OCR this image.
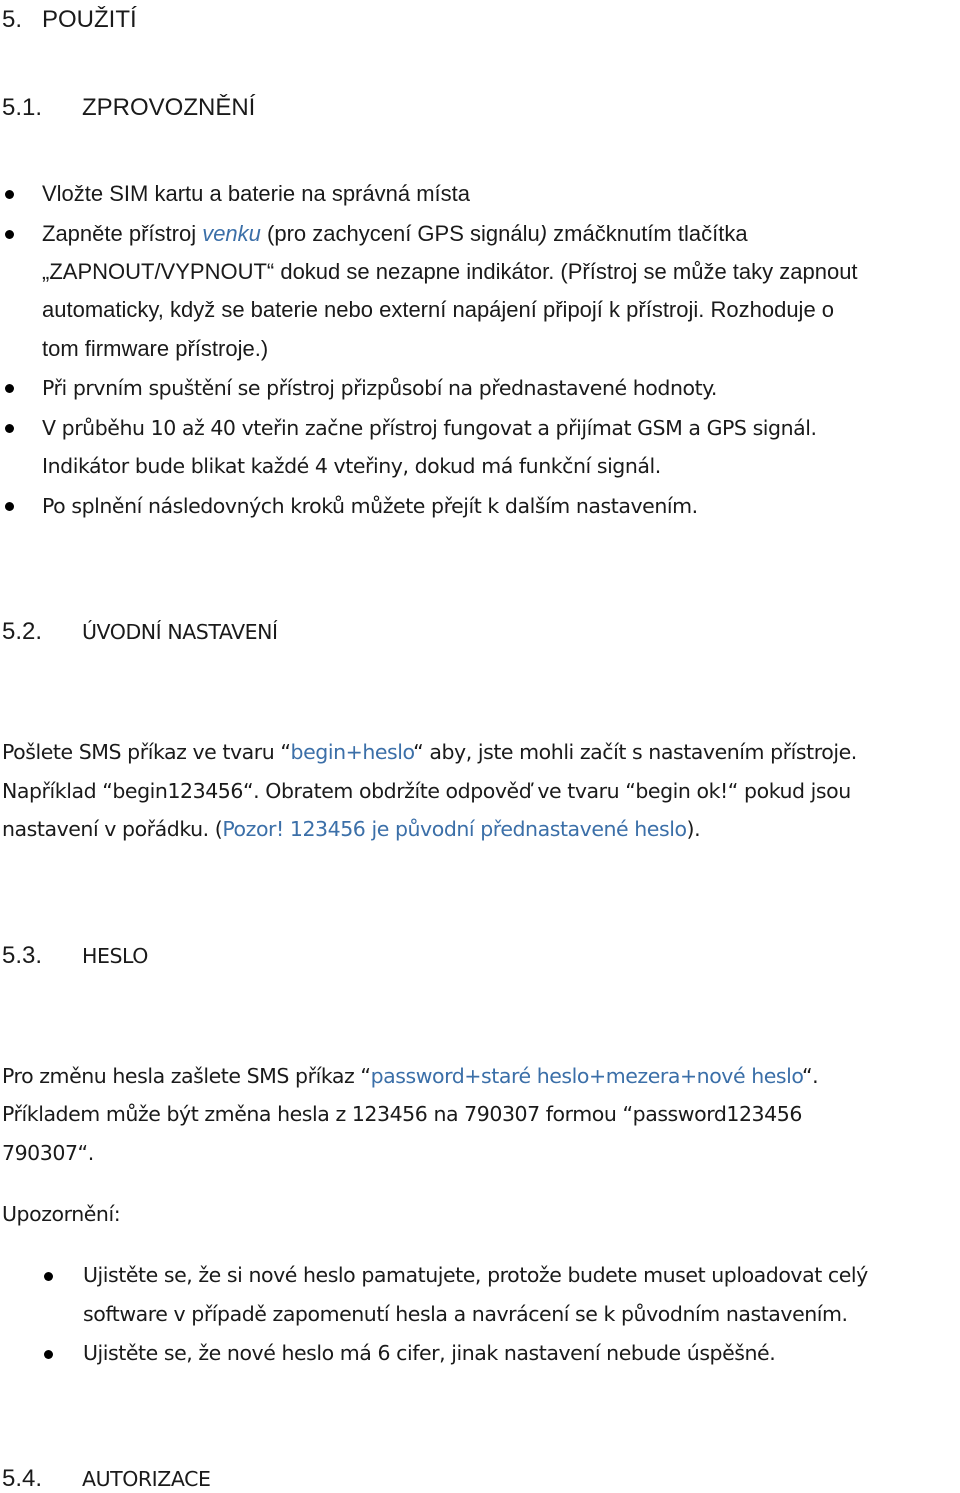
5. POUŽITÍ
5.1. ZPROVOZNĚNÍ

Vložte SIM kartu a baterie na správná místa

Zapněte přístroj venku (pro zachycení GPS signálu) zmáčknutím tlačítka

„ZAPNOUT/VYPNOUT“ dokud se nezapne indikátor. (Přístroj se může taky zapnout

automaticky, když se baterie nebo externí napájení připojí k přístroji. Rozhoduje o

tom firmware přístroje.)

Při prvním spuštění se přístroj přizpůsobí na přednastavené hodnoty.

V průběhu 10 až 40 vteřin začne přístroj fungovat a přijímat GSM a GPS signál.

Indikátor bude blikat každé 4 vteřiny, dokud má funkční signál.

Po splnění následovných kroků můžete přejít k dalším nastavením.

5.2. ÚVODNÍ NASTAVENÍ

Pošlete SMS příkaz ve tvaru “begin+heslo“ aby, jste mohli začít s nastavením přístroje.

Například “begin123456“. Obratem obdržíte odpověď ve tvaru “begin ok!“ pokud jsou

nastavení v pořádku. (Pozor! 123456 je původní přednastavené heslo).

5.3. HESLO

Pro změnu hesla zašlete SMS příkaz “password+staré heslo+mezera+nové heslo“.

Příkladem může být změna hesla z 123456 na 790307 formou “password123456

790307“.

Upozornění:

Ujistěte se, že si nové heslo pamatujete, protože budete muset uploadovat celý

software v případě zapomenutí hesla a navrácení se k původním nastavením.

Ujistěte se, že nové heslo má 6 cifer, jinak nastavení nebude úspěšné.

5.4. AUTORIZACE
